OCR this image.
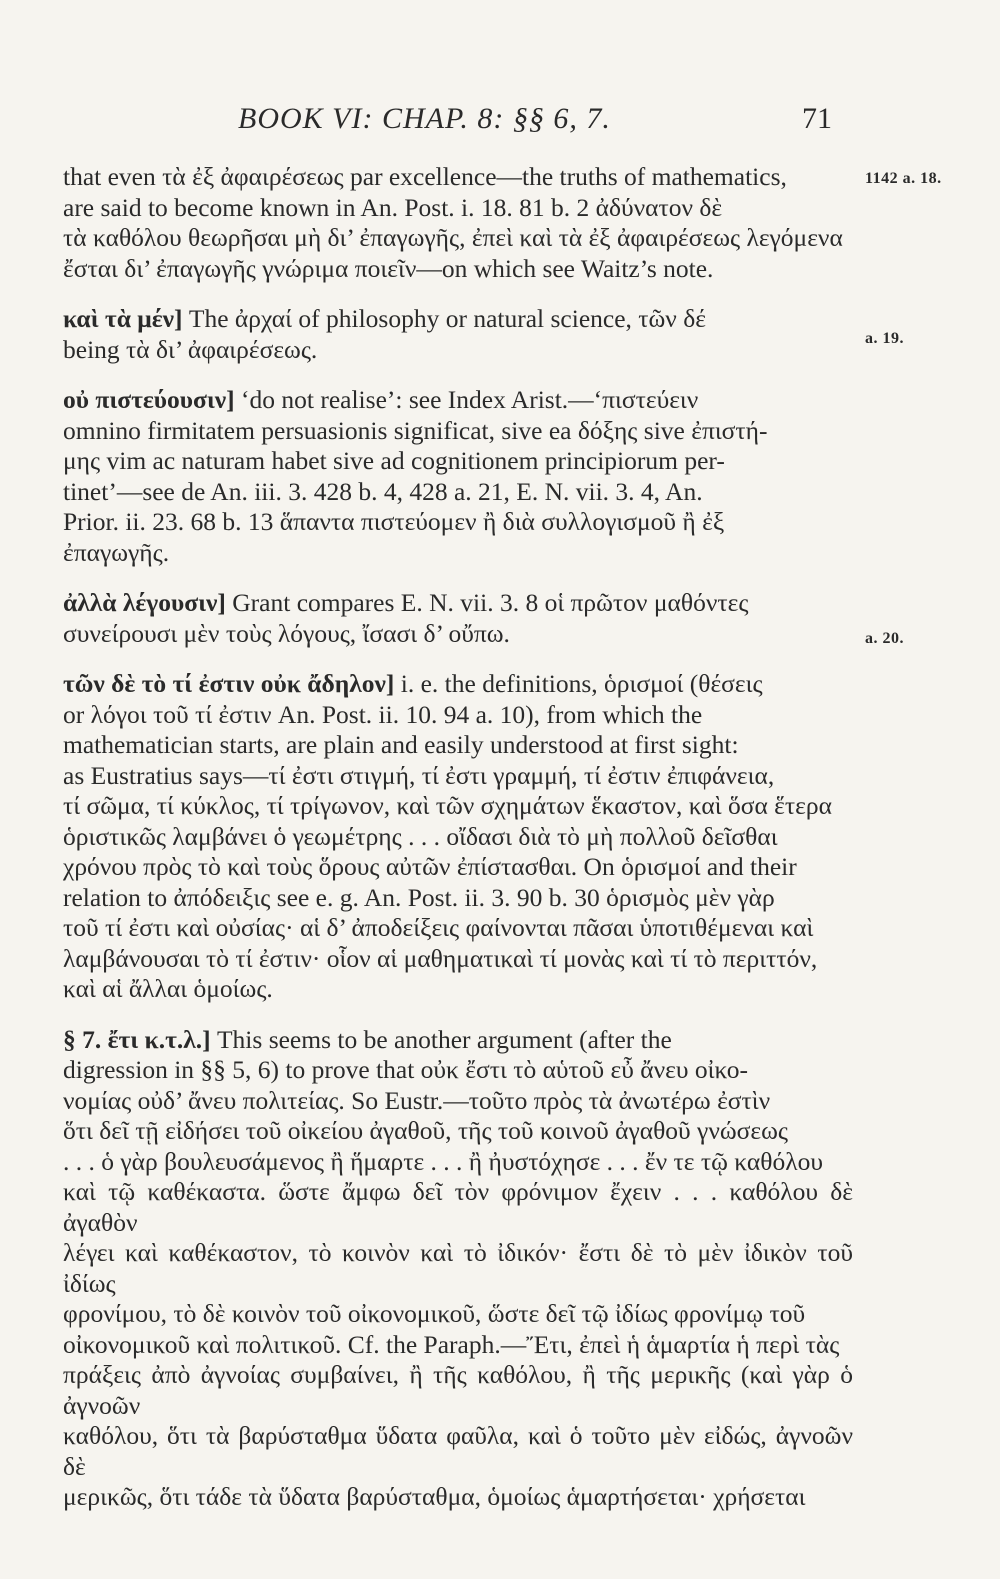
BOOK VI: CHAP. 8: §§ 6, 7.	71
1142 a. 18.
a. 19.
a. 20.

that even τὰ ἐξ ἀφαιρέσεως par excellence—the truths of mathematics,

are said to become known in An. Post. i. 18. 81 b. 2 ἀδύνατον δὲ

τὰ καθόλου θεωρῆσαι μὴ δι’ ἐπαγωγῆς, ἐπεὶ καὶ τὰ ἐξ ἀφαιρέσεως λεγόμενα

ἔσται δι’ ἐπαγωγῆς γνώριμα ποιεῖν—on which see Waitz’s note.

καὶ τὰ μέν] The ἀρχαί of philosophy or natural science, τῶν δέ

being τὰ δι’ ἀφαιρέσεως.

οὐ πιστεύουσιν] ‘do not realise’: see Index Arist.—‘πιστεύειν

omnino firmitatem persuasionis significat, sive ea δόξης sive ἐπιστή-

μης vim ac naturam habet sive ad cognitionem principiorum per-

tinet’—see de An. iii. 3. 428 b. 4, 428 a. 21, E. N. vii. 3. 4, An.

Prior. ii. 23. 68 b. 13 ἅπαντα πιστεύομεν ἢ διὰ συλλογισμοῦ ἢ ἐξ

ἐπαγωγῆς.

ἀλλὰ λέγουσιν] Grant compares E. N. vii. 3. 8 οἱ πρῶτον μαθόντες

συνείρουσι μὲν τοὺς λόγους, ἴσασι δ’ οὔπω.

τῶν δὲ τὸ τί ἐστιν οὐκ ἄδηλον] i. e. the definitions, ὁρισμοί (θέσεις

or λόγοι τοῦ τί ἐστιν An. Post. ii. 10. 94 a. 10), from which the

mathematician starts, are plain and easily understood at first sight:

as Eustratius says—τί ἐστι στιγμή, τί ἐστι γραμμή, τί ἐστιν ἐπιφάνεια,

τί σῶμα, τί κύκλος, τί τρίγωνον, καὶ τῶν σχημάτων ἕκαστον, καὶ ὅσα ἕτερα

ὁριστικῶς λαμβάνει ὁ γεωμέτρης . . . οἴδασι διὰ τὸ μὴ πολλοῦ δεῖσθαι

χρόνου πρὸς τὸ καὶ τοὺς ὅρους αὐτῶν ἐπίστασθαι. On ὁρισμοί and their

relation to ἀπόδειξις see e. g. An. Post. ii. 3. 90 b. 30 ὁρισμὸς μὲν γὰρ

τοῦ τί ἐστι καὶ οὐσίας· αἱ δ’ ἀποδείξεις φαίνονται πᾶσαι ὑποτιθέμεναι καὶ

λαμβάνουσαι τὸ τί ἐστιν· οἷον αἱ μαθηματικαὶ τί μονὰς καὶ τί τὸ περιττόν,

καὶ αἱ ἄλλαι ὁμοίως.

§ 7. ἔτι κ.τ.λ.] This seems to be another argument (after the

digression in §§ 5, 6) to prove that οὐκ ἔστι τὸ αὑτοῦ εὖ ἄνευ οἰκο-

νομίας οὐδ’ ἄνευ πολιτείας. So Eustr.—τοῦτο πρὸς τὰ ἀνωτέρω ἐστὶν

ὅτι δεῖ τῇ εἰδήσει τοῦ οἰκείου ἀγαθοῦ, τῆς τοῦ κοινοῦ ἀγαθοῦ γνώσεως

. . . ὁ γὰρ βουλευσάμενος ἢ ἥμαρτε . . . ἢ ἠυστόχησε . . . ἔν τε τῷ καθόλου

καὶ τῷ καθέκαστα. ὥστε ἄμφω δεῖ τὸν φρόνιμον ἔχειν . . . καθόλου δὲ ἀγαθὸν

λέγει καὶ καθέκαστον, τὸ κοινὸν καὶ τὸ ἰδικόν· ἔστι δὲ τὸ μὲν ἰδικὸν τοῦ ἰδίως

φρονίμου, τὸ δὲ κοινὸν τοῦ οἰκονομικοῦ, ὥστε δεῖ τῷ ἰδίως φρονίμῳ τοῦ

οἰκονομικοῦ καὶ πολιτικοῦ. Cf. the Paraph.—Ἔτι, ἐπεὶ ἡ ἁμαρτία ἡ περὶ τὰς

πράξεις ἀπὸ ἀγνοίας συμβαίνει, ἢ τῆς καθόλου, ἢ τῆς μερικῆς (καὶ γὰρ ὁ ἀγνοῶν

καθόλου, ὅτι τὰ βαρύσταθμα ὕδατα φαῦλα, καὶ ὁ τοῦτο μὲν εἰδώς, ἀγνοῶν δὲ

μερικῶς, ὅτι τάδε τὰ ὕδατα βαρύσταθμα, ὁμοίως ἁμαρτήσεται· χρήσεται
